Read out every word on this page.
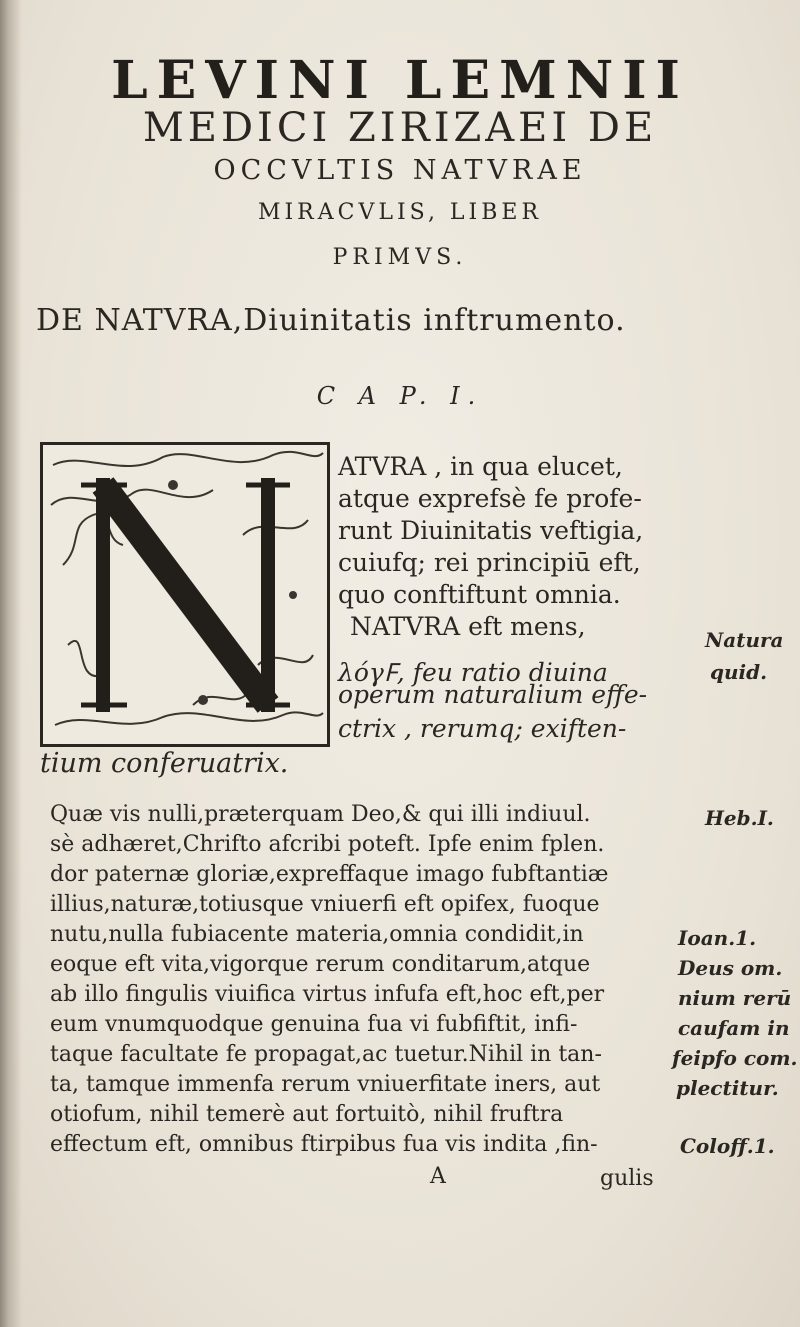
LEVINI LEMNII
MEDICI ZIRIZAEI DE
OCCVLTIS NATVRAE
MIRACVLIS, LIBER
PRIMVS.
DE NATVRA,Diuinitatis inftrumento.
C A P. I.
ATVRA , in qua elucet,
atque exprefsè fe profe-
runt Diuinitatis veftigia,
cuiufq; rei principiū eft,
quo conftiftunt omnia.
NATVRA eft mens,
λόγ𝈓, feu ratio diuina
operum naturalium effe-
ctrix , rerumq; exiften-
tium conferuatrix.
Natura
quid.
Quæ vis nulli,præterquam Deo,& qui illi indiuul.
sè adhæret,Chrifto afcribi poteft. Ipfe enim fplen.
dor paternæ gloriæ,expreffaque imago fubftantiæ
illius,naturæ,totiusque vniuerfi eft opifex, fuoque
nutu,nulla fubiacente materia,omnia condidit,in
eoque eft vita,vigorque rerum conditarum,atque
ab illo fingulis viuifica virtus infufa eft,hoc eft,per
eum vnumquodque genuina fua vi fubfiftit, infi-
taque facultate fe propagat,ac tuetur.Nihil in tan-
ta, tamque immenfa rerum vniuerfitate iners, aut
otiofum, nihil temerè aut fortuitò, nihil fruftra
effectum eft, omnibus ftirpibus fua vis indita ,fin-
Heb.I.
Ioan.1.
Deus om.
nium rerū
caufam in
feipfo com.
plectitur.
Coloff.1.
A	gulis
